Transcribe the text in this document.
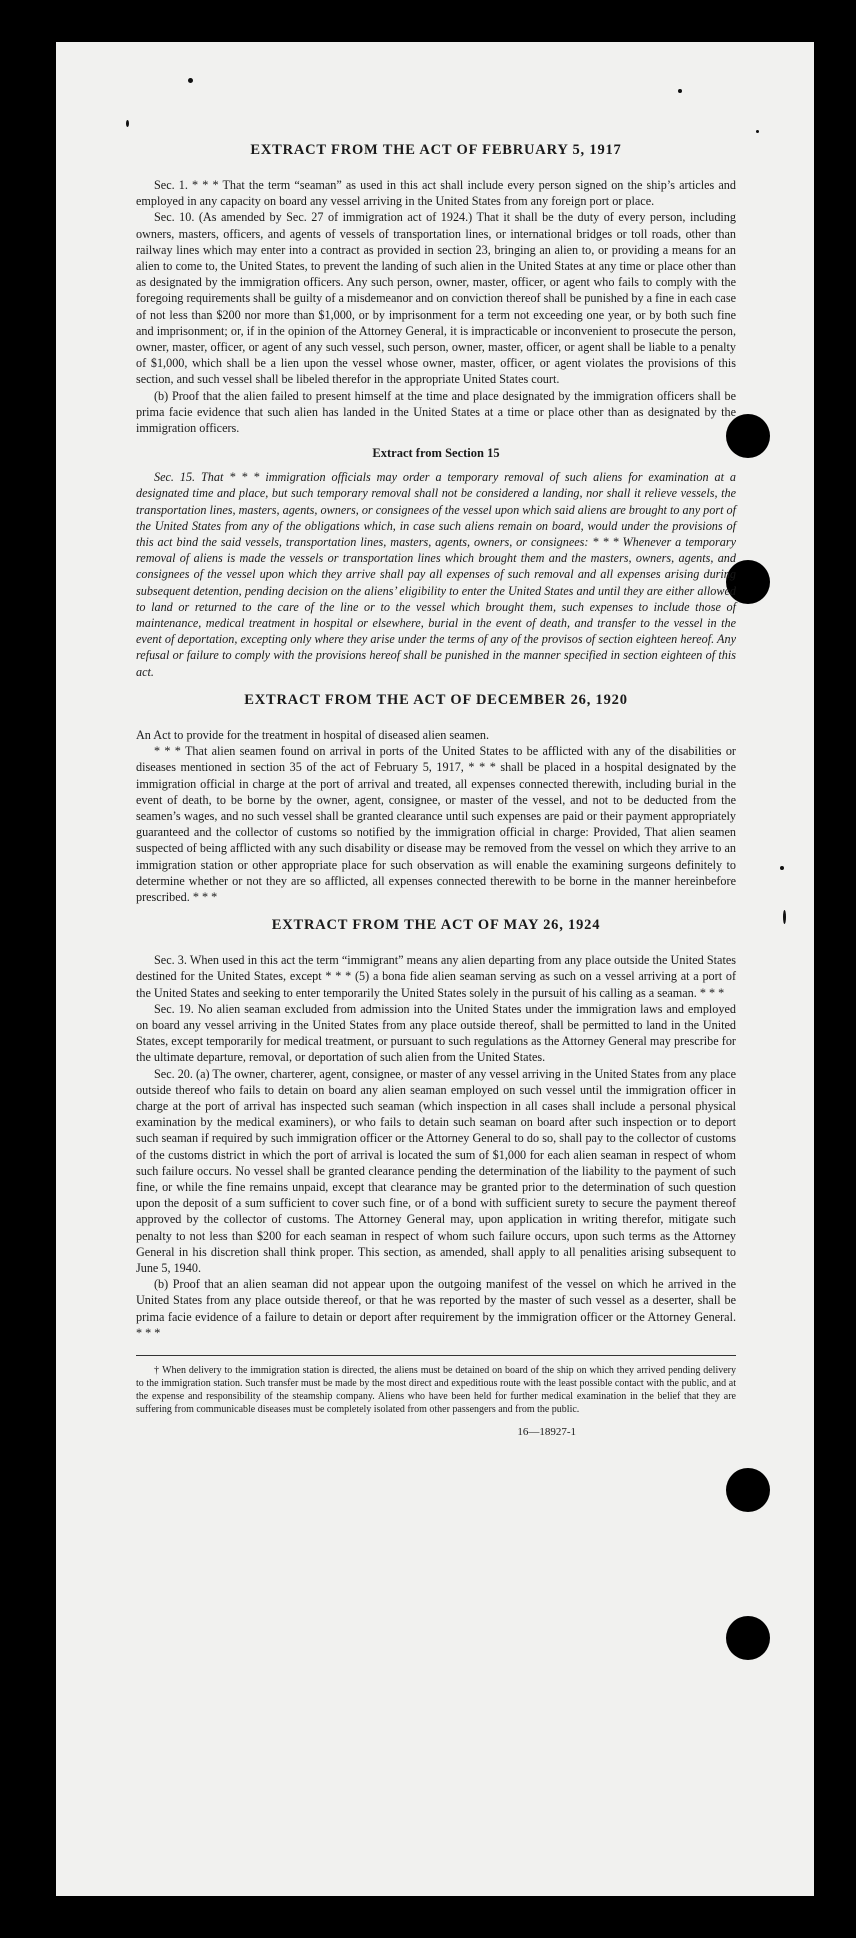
EXTRACT FROM THE ACT OF FEBRUARY 5, 1917

Sec. 1. * * * That the term “seaman” as used in this act shall include every person signed on the ship’s articles and employed in any capacity on board any vessel arriving in the United States from any foreign port or place.

Sec. 10. (As amended by Sec. 27 of immigration act of 1924.) That it shall be the duty of every person, including owners, masters, officers, and agents of vessels of transportation lines, or international bridges or toll roads, other than railway lines which may enter into a contract as provided in section 23, bringing an alien to, or providing a means for an alien to come to, the United States, to prevent the landing of such alien in the United States at any time or place other than as designated by the immigration officers. Any such person, owner, master, officer, or agent who fails to comply with the foregoing requirements shall be guilty of a misdemeanor and on conviction thereof shall be punished by a fine in each case of not less than $200 nor more than $1,000, or by imprisonment for a term not exceeding one year, or by both such fine and imprisonment; or, if in the opinion of the Attorney General, it is impracticable or inconvenient to prosecute the person, owner, master, officer, or agent of any such vessel, such person, owner, master, officer, or agent shall be liable to a penalty of $1,000, which shall be a lien upon the vessel whose owner, master, officer, or agent violates the provisions of this section, and such vessel shall be libeled therefor in the appropriate United States court.

(b) Proof that the alien failed to present himself at the time and place designated by the immigration officers shall be prima facie evidence that such alien has landed in the United States at a time or place other than as designated by the immigration officers.

Extract from Section 15

Sec. 15. That * * * immigration officials may order a temporary removal of such aliens for examination at a designated time and place, but such temporary removal shall not be considered a landing, nor shall it relieve vessels, the transportation lines, masters, agents, owners, or consignees of the vessel upon which said aliens are brought to any port of the United States from any of the obligations which, in case such aliens remain on board, would under the provisions of this act bind the said vessels, transportation lines, masters, agents, owners, or consignees: * * * Whenever a temporary removal of aliens is made the vessels or transportation lines which brought them and the masters, owners, agents, and consignees of the vessel upon which they arrive shall pay all expenses of such removal and all expenses arising during subsequent detention, pending decision on the aliens’ eligibility to enter the United States and until they are either allowed to land or returned to the care of the line or to the vessel which brought them, such expenses to include those of maintenance, medical treatment in hospital or elsewhere, burial in the event of death, and transfer to the vessel in the event of deportation, excepting only where they arise under the terms of any of the provisos of section eighteen hereof. Any refusal or failure to comply with the provisions hereof shall be punished in the manner specified in section eighteen of this act.

EXTRACT FROM THE ACT OF DECEMBER 26, 1920

An Act to provide for the treatment in hospital of diseased alien seamen.

* * * That alien seamen found on arrival in ports of the United States to be afflicted with any of the disabilities or diseases mentioned in section 35 of the act of February 5, 1917, * * * shall be placed in a hospital designated by the immigration official in charge at the port of arrival and treated, all expenses connected therewith, including burial in the event of death, to be borne by the owner, agent, consignee, or master of the vessel, and not to be deducted from the seamen’s wages, and no such vessel shall be granted clearance until such expenses are paid or their payment appropriately guaranteed and the collector of customs so notified by the immigration official in charge: Provided, That alien seamen suspected of being afflicted with any such disability or disease may be removed from the vessel on which they arrive to an immigration station or other appropriate place for such observation as will enable the examining surgeons definitely to determine whether or not they are so afflicted, all expenses connected therewith to be borne in the manner hereinbefore prescribed. * * *

EXTRACT FROM THE ACT OF MAY 26, 1924

Sec. 3. When used in this act the term “immigrant” means any alien departing from any place outside the United States destined for the United States, except * * * (5) a bona fide alien seaman serving as such on a vessel arriving at a port of the United States and seeking to enter temporarily the United States solely in the pursuit of his calling as a seaman. * * *

Sec. 19. No alien seaman excluded from admission into the United States under the immigration laws and employed on board any vessel arriving in the United States from any place outside thereof, shall be permitted to land in the United States, except temporarily for medical treatment, or pursuant to such regulations as the Attorney General may prescribe for the ultimate departure, removal, or deportation of such alien from the United States.

Sec. 20. (a) The owner, charterer, agent, consignee, or master of any vessel arriving in the United States from any place outside thereof who fails to detain on board any alien seaman employed on such vessel until the immigration officer in charge at the port of arrival has inspected such seaman (which inspection in all cases shall include a personal physical examination by the medical examiners), or who fails to detain such seaman on board after such inspection or to deport such seaman if required by such immigration officer or the Attorney General to do so, shall pay to the collector of customs of the customs district in which the port of arrival is located the sum of $1,000 for each alien seaman in respect of whom such failure occurs. No vessel shall be granted clearance pending the determination of the liability to the payment of such fine, or while the fine remains unpaid, except that clearance may be granted prior to the determination of such question upon the deposit of a sum sufficient to cover such fine, or of a bond with sufficient surety to secure the payment thereof approved by the collector of customs. The Attorney General may, upon application in writing therefor, mitigate such penalty to not less than $200 for each seaman in respect of whom such failure occurs, upon such terms as the Attorney General in his discretion shall think proper. This section, as amended, shall apply to all penalities arising subsequent to June 5, 1940.

(b) Proof that an alien seaman did not appear upon the outgoing manifest of the vessel on which he arrived in the United States from any place outside thereof, or that he was reported by the master of such vessel as a deserter, shall be prima facie evidence of a failure to detain or deport after requirement by the immigration officer or the Attorney General. * * *

† When delivery to the immigration station is directed, the aliens must be detained on board of the ship on which they arrived pending delivery to the immigration station. Such transfer must be made by the most direct and expeditious route with the least possible contact with the public, and at the expense and responsibility of the steamship company. Aliens who have been held for further medical examination in the belief that they are suffering from communicable diseases must be completely isolated from other passengers and from the public.

16—18927-1
